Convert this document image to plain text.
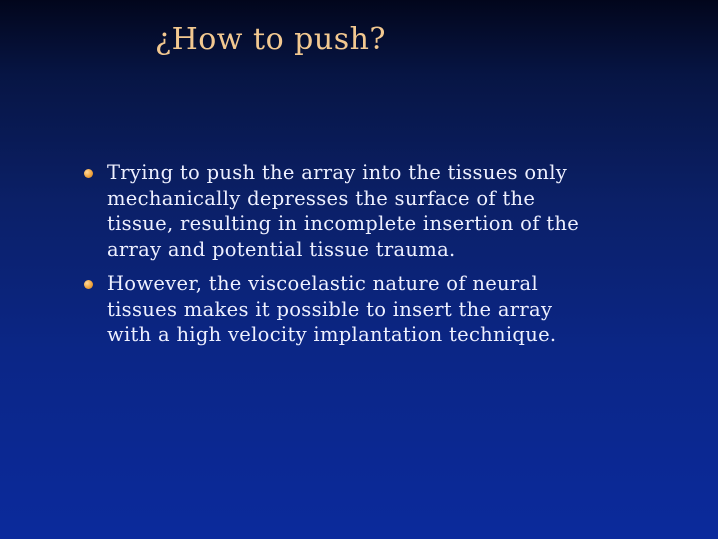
¿How to push?
Trying to push the array into the tissues only mechanically depresses the surface of the tissue, resulting in incomplete insertion of the array and potential tissue trauma.
However, the viscoelastic nature of neural tissues makes it possible to insert the array with a high velocity implantation technique.
